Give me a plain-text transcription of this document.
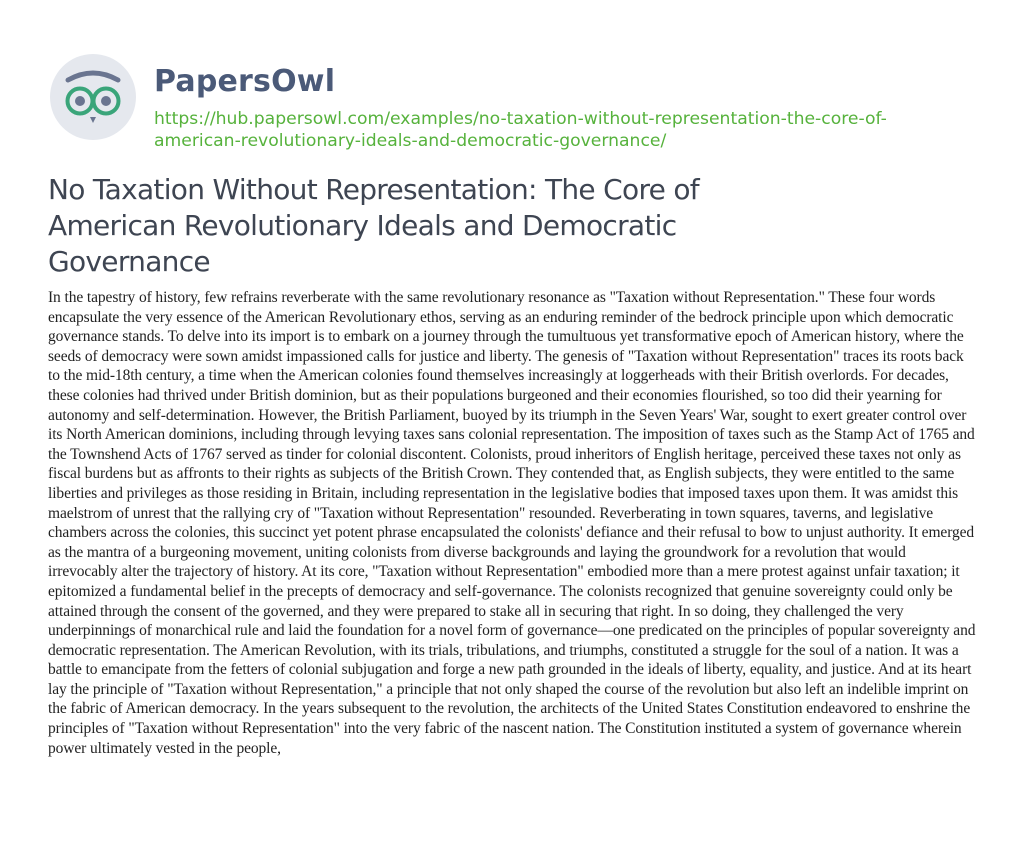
PapersOwl
https://hub.papersowl.com/examples/no-taxation-without-representation-the-core-of-american-revolutionary-ideals-and-democratic-governance/
No Taxation Without Representation: The Core of American Revolutionary Ideals and Democratic Governance

In the tapestry of history, few refrains reverberate with the same revolutionary resonance as "Taxation without Representation." These four words encapsulate the very essence of the American Revolutionary ethos, serving as an enduring reminder of the bedrock principle upon which democratic governance stands. To delve into its import is to embark on a journey through the tumultuous yet transformative epoch of American history, where the seeds of democracy were sown amidst impassioned calls for justice and liberty. The genesis of "Taxation without Representation" traces its roots back to the mid-18th century, a time when the American colonies found themselves increasingly at loggerheads with their British overlords. For decades, these colonies had thrived under British dominion, but as their populations burgeoned and their economies flourished, so too did their yearning for autonomy and self-determination. However, the British Parliament, buoyed by its triumph in the Seven Years' War, sought to exert greater control over its North American dominions, including through levying taxes sans colonial representation. The imposition of taxes such as the Stamp Act of 1765 and the Townshend Acts of 1767 served as tinder for colonial discontent. Colonists, proud inheritors of English heritage, perceived these taxes not only as fiscal burdens but as affronts to their rights as subjects of the British Crown. They contended that, as English subjects, they were entitled to the same liberties and privileges as those residing in Britain, including representation in the legislative bodies that imposed taxes upon them. It was amidst this maelstrom of unrest that the rallying cry of "Taxation without Representation" resounded. Reverberating in town squares, taverns, and legislative chambers across the colonies, this succinct yet potent phrase encapsulated the colonists' defiance and their refusal to bow to unjust authority. It emerged as the mantra of a burgeoning movement, uniting colonists from diverse backgrounds and laying the groundwork for a revolution that would irrevocably alter the trajectory of history. At its core, "Taxation without Representation" embodied more than a mere protest against unfair taxation; it epitomized a fundamental belief in the precepts of democracy and self-governance. The colonists recognized that genuine sovereignty could only be attained through the consent of the governed, and they were prepared to stake all in securing that right. In so doing, they challenged the very underpinnings of monarchical rule and laid the foundation for a novel form of governance—one predicated on the principles of popular sovereignty and democratic representation. The American Revolution, with its trials, tribulations, and triumphs, constituted a struggle for the soul of a nation. It was a battle to emancipate from the fetters of colonial subjugation and forge a new path grounded in the ideals of liberty, equality, and justice. And at its heart lay the principle of "Taxation without Representation," a principle that not only shaped the course of the revolution but also left an indelible imprint on the fabric of American democracy. In the years subsequent to the revolution, the architects of the United States Constitution endeavored to enshrine the principles of "Taxation without Representation" into the very fabric of the nascent nation. The Constitution instituted a system of governance wherein power ultimately vested in the people,
